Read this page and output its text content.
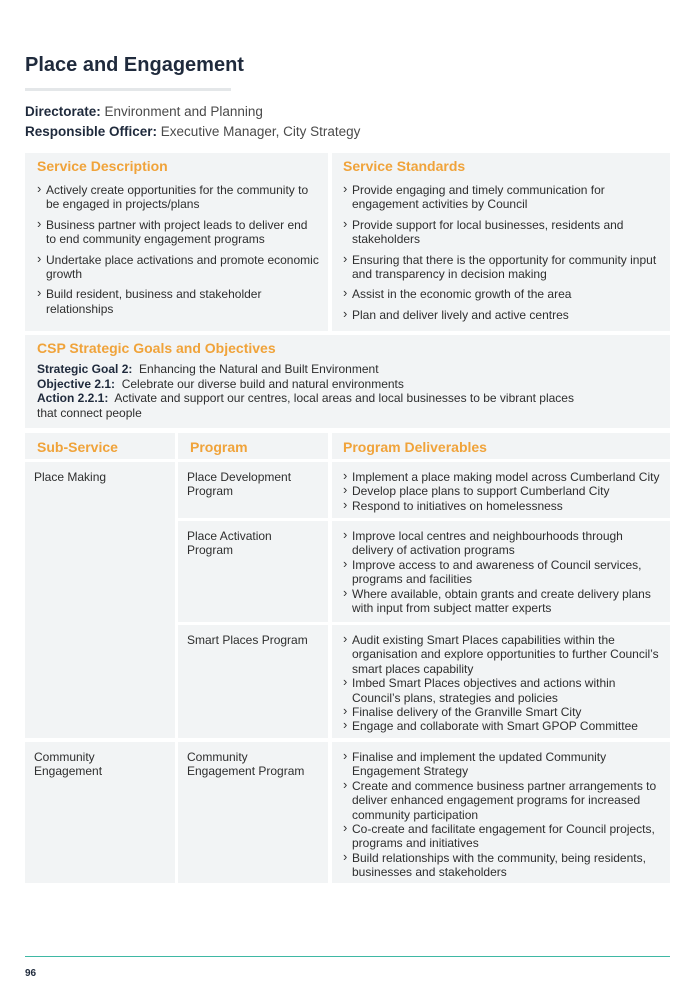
Place and Engagement
Directorate: Environment and Planning
Responsible Officer: Executive Manager, City Strategy
Service Description
› Actively create opportunities for the community to be engaged in projects/plans
› Business partner with project leads to deliver end to end community engagement programs
› Undertake place activations and promote economic growth
› Build resident, business and stakeholder relationships
Service Standards
› Provide engaging and timely communication for engagement activities by Council
› Provide support for local businesses, residents and stakeholders
› Ensuring that there is the opportunity for community input and transparency in decision making
› Assist in the economic growth of the area
› Plan and deliver lively and active centres
CSP Strategic Goals and Objectives
Strategic Goal 2: Enhancing the Natural and Built Environment
Objective 2.1: Celebrate our diverse build and natural environments
Action 2.2.1: Activate and support our centres, local areas and local businesses to be vibrant places that connect people
Sub-Service	Program	Program Deliverables
Place Making	Place Development Program
› Implement a place making model across Cumberland City
› Develop place plans to support Cumberland City
› Respond to initiatives on homelessness
Place Activation Program
› Improve local centres and neighbourhoods through delivery of activation programs
› Improve access to and awareness of Council services, programs and facilities
› Where available, obtain grants and create delivery plans with input from subject matter experts
Smart Places Program
›	Audit existing Smart Places capabilities within the organisation and explore opportunities to further Council’s smart places capability
› Imbed Smart Places objectives and actions within Council’s plans, strategies and policies
› Finalise delivery of the Granville Smart City
› Engage and collaborate with Smart GPOP Committee
Community Engagement
Community Engagement Program
› Finalise and implement the updated Community Engagement Strategy
› Create and commence business partner arrangements to deliver enhanced engagement programs for increased community participation
› Co-create and facilitate engagement for Council projects, programs and initiatives
› Build relationships with the community, being residents, businesses and stakeholders
96
